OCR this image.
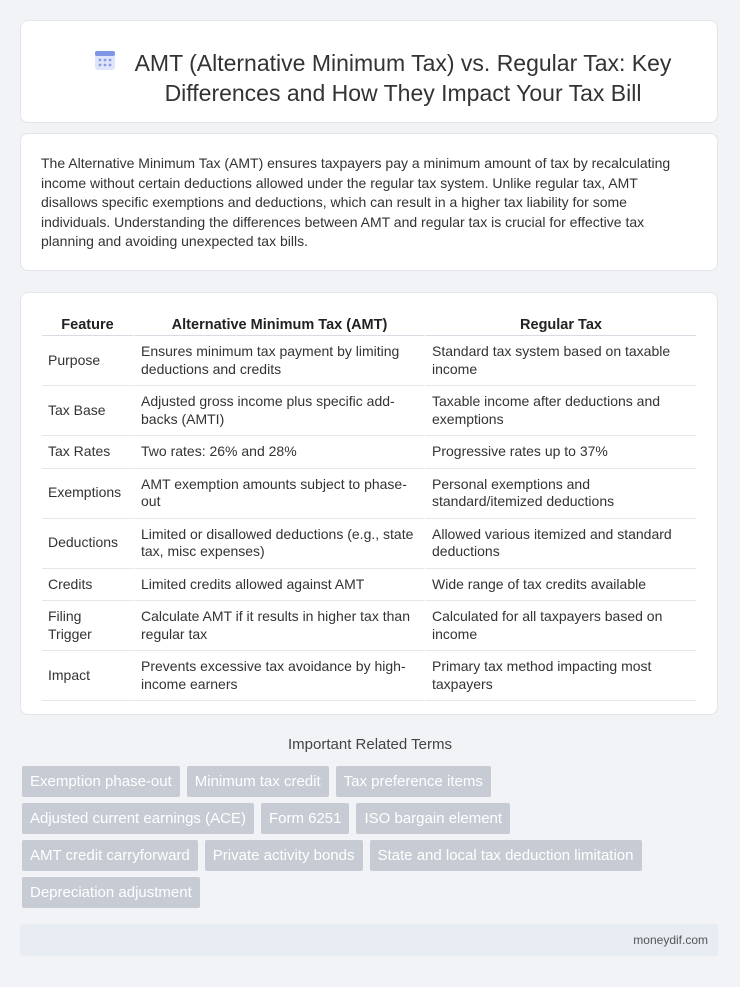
AMT (Alternative Minimum Tax) vs. Regular Tax: Key Differences and How They Impact Your Tax Bill

The Alternative Minimum Tax (AMT) ensures taxpayers pay a minimum amount of tax by recalculating income without certain deductions allowed under the regular tax system. Unlike regular tax, AMT disallows specific exemptions and deductions, which can result in a higher tax liability for some individuals. Understanding the differences between AMT and regular tax is crucial for effective tax planning and avoiding unexpected tax bills.

Feature	Alternative Minimum Tax (AMT)	Regular Tax
Purpose	Ensures minimum tax payment by limiting deductions and credits	Standard tax system based on taxable income
Tax Base	Adjusted gross income plus specific add-backs (AMTI)	Taxable income after deductions and exemptions
Tax Rates	Two rates: 26% and 28%	Progressive rates up to 37%
Exemptions	AMT exemption amounts subject to phase-out	Personal exemptions and standard/itemized deductions
Deductions	Limited or disallowed deductions (e.g., state tax, misc expenses)	Allowed various itemized and standard deductions
Credits	Limited credits allowed against AMT	Wide range of tax credits available
Filing Trigger	Calculate AMT if it results in higher tax than regular tax	Calculated for all taxpayers based on income
Impact	Prevents excessive tax avoidance by high-income earners	Primary tax method impacting most taxpayers
Important Related Terms
Exemption phase-out	Minimum tax credit	Tax preference items
Adjusted current earnings (ACE)	Form 6251	ISO bargain element
AMT credit carryforward	Private activity bonds	State and local tax deduction limitation
Depreciation adjustment
moneydif.com
